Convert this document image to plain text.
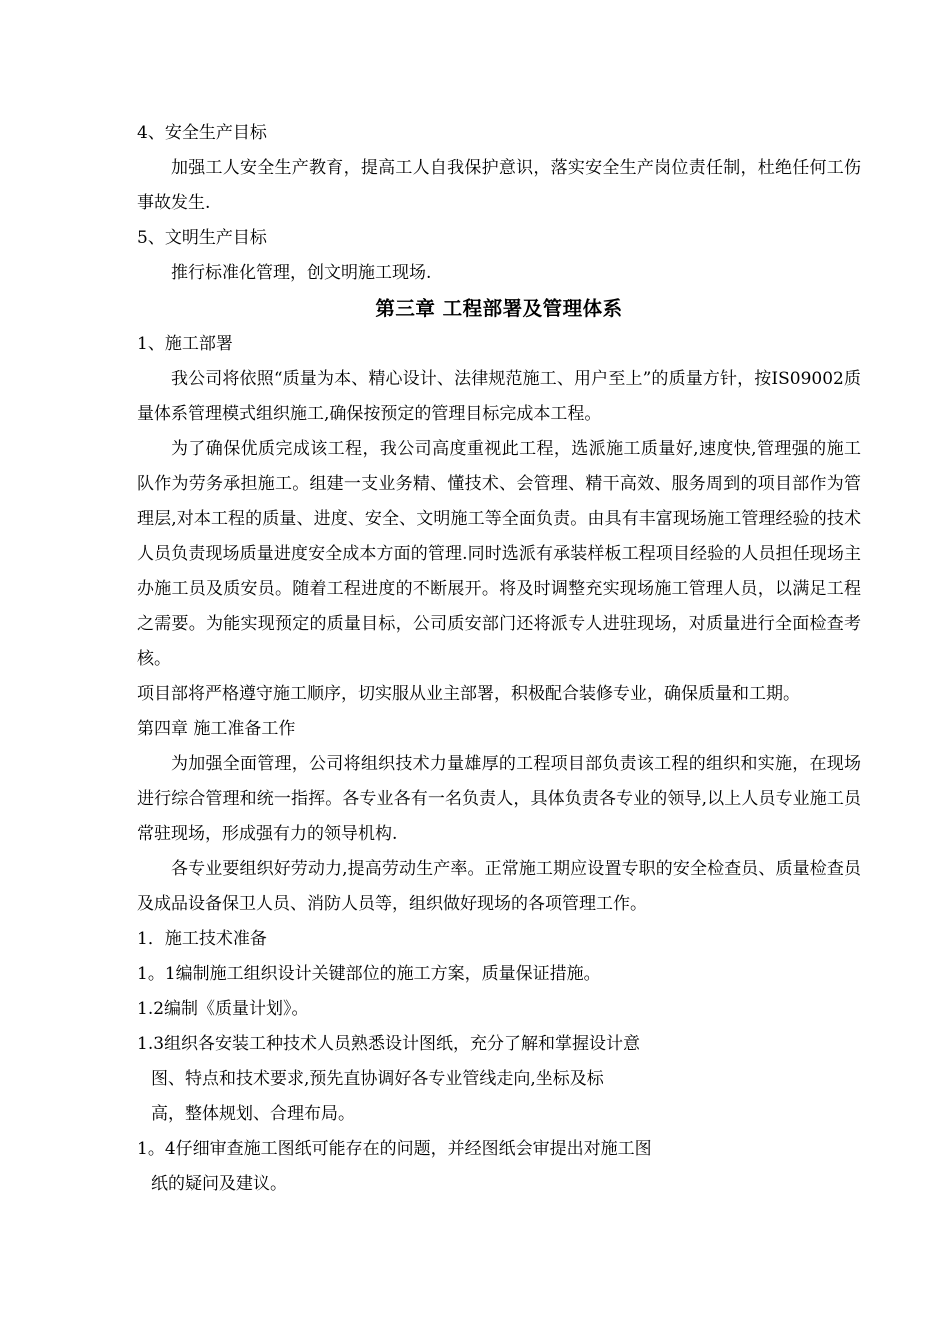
4、安全生产目标

加强工人安全生产教育，提高工人自我保护意识，落实安全生产岗位责任制，杜绝任何工伤事故发生.

5、文明生产目标

推行标准化管理，创文明施工现场.

第三章 工程部署及管理体系

1、施工部署

我公司将依照“质量为本、精心设计、法律规范施工、用户至上”的质量方针，按IS09002质量体系管理模式组织施工,确保按预定的管理目标完成本工程。

为了确保优质完成该工程，我公司高度重视此工程，选派施工质量好,速度快,管理强的施工队作为劳务承担施工。组建一支业务精、懂技术、会管理、精干高效、服务周到的项目部作为管理层,对本工程的质量、进度、安全、文明施工等全面负责。由具有丰富现场施工管理经验的技术人员负责现场质量进度安全成本方面的管理.同时选派有承装样板工程项目经验的人员担任现场主办施工员及质安员。随着工程进度的不断展开。将及时调整充实现场施工管理人员，以满足工程之需要。为能实现预定的质量目标，公司质安部门还将派专人进驻现场，对质量进行全面检查考核。

项目部将严格遵守施工顺序，切实服从业主部署，积极配合装修专业，确保质量和工期。

第四章 施工准备工作

为加强全面管理，公司将组织技术力量雄厚的工程项目部负责该工程的组织和实施，在现场进行综合管理和统一指挥。各专业各有一名负责人，具体负责各专业的领导,以上人员专业施工员常驻现场，形成强有力的领导机构.

各专业要组织好劳动力,提高劳动生产率。正常施工期应设置专职的安全检查员、质量检查员及成品设备保卫人员、消防人员等，组织做好现场的各项管理工作。

1．施工技术准备

1。1编制施工组织设计关键部位的施工方案，质量保证措施。

1.2编制《质量计划》。

1.3组织各安装工种技术人员熟悉设计图纸，充分了解和掌握设计意

图、特点和技术要求,预先直协调好各专业管线走向,坐标及标

高，整体规划、合理布局。

1。4仔细审查施工图纸可能存在的问题，并经图纸会审提出对施工图

纸的疑问及建议。
